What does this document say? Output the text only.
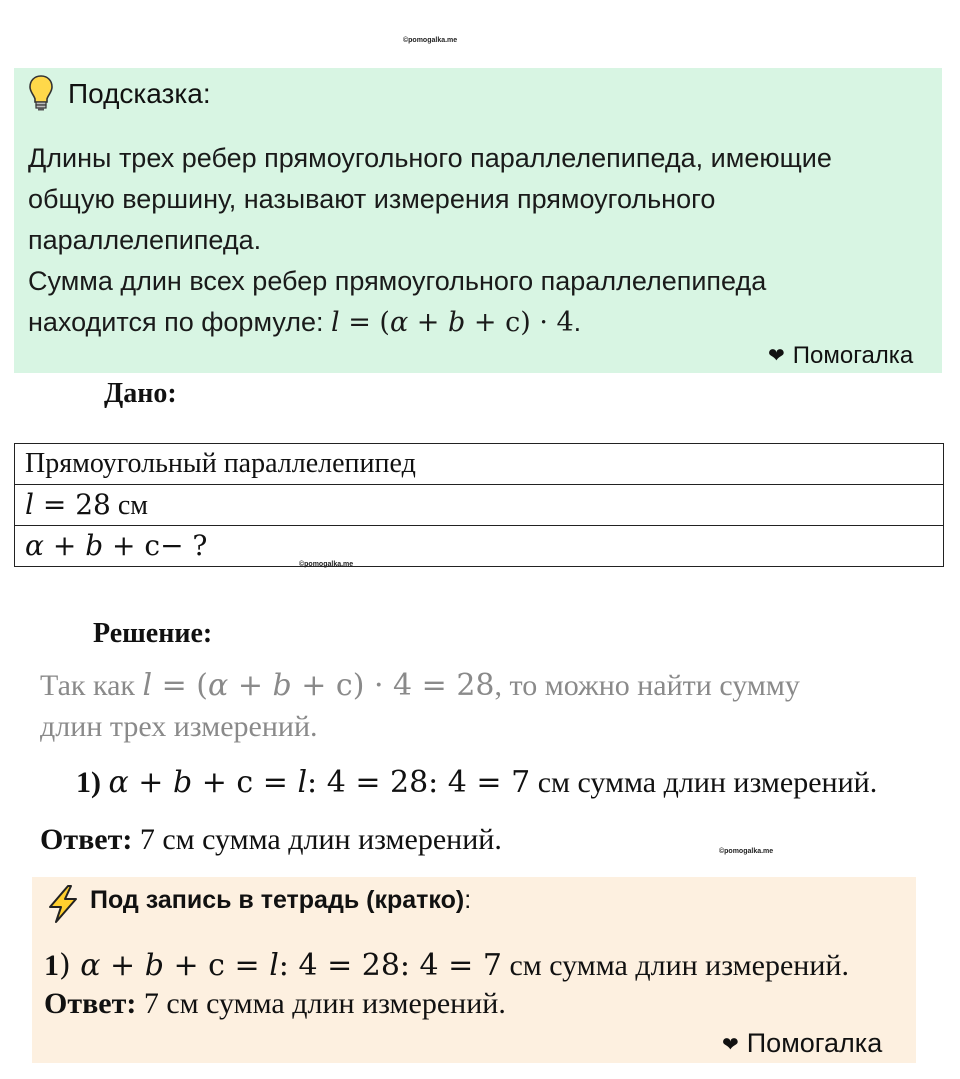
©pomogalka.me
©pomogalka.me
©pomogalka.me
Подсказка:
Длины трех ребер прямоугольного параллелепипеда, имеющие
общую вершину, называют измерения прямоугольного
параллелепипеда.
Сумма длин всех ребер прямоугольного параллелепипеда
находится по формуле: l = (α + b + c) · 4.
❤ Помогалка
Дано:
Прямоугольный параллелепипед
l = 28 см
α + b + c− ?
Решение:
Так как l = (α + b + c) · 4 = 28, то можно найти сумму
длин трех измерений.
1) α + b + c = l: 4 = 28: 4 = 7 см сумма длин измерений.
Ответ: 7 см сумма длин измерений.
Под запись в тетрадь (кратко):
1) α + b + c = l: 4 = 28: 4 = 7 см сумма длин измерений.
Ответ: 7 см сумма длин измерений.
❤ Помогалка
